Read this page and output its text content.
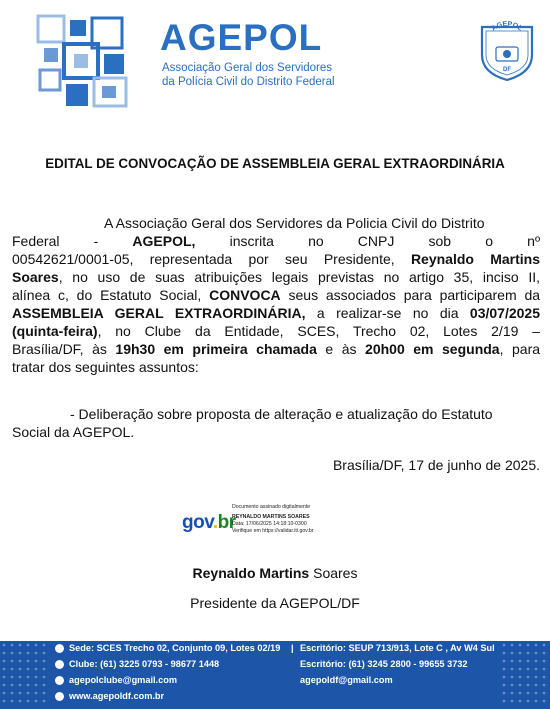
AGEPOL
Associação Geral dos Servidores
da Polícia Civil do Distrito Federal
AGEPOL
DF
EDITAL DE CONVOCAÇÃO DE ASSEMBLEIA GERAL EXTRAORDINÁRIA
A Associação Geral dos Servidores da Policia Civil do Distrito
Federal - AGEPOL, inscrita no CNPJ sob o nº
00542621/0001-05, representada por seu Presidente, Reynaldo Martins
Soares, no uso de suas atribuições legais previstas no artigo 35, inciso II,
alínea c, do Estatuto Social, CONVOCA seus associados para participarem da
ASSEMBLEIA GERAL EXTRAORDINÁRIA, a realizar-se no dia 03/07/2025
(quinta-feira), no Clube da Entidade, SCES, Trecho 02, Lotes 2/19 –
Brasília/DF, às 19h30 em primeira chamada e às 20h00 em segunda, para
tratar dos seguintes assuntos:
- Deliberação sobre proposta de alteração e atualização do Estatuto
Social da AGEPOL.
Brasília/DF, 17 de junho de 2025.
gov.br
Documento assinado digitalmente
REYNALDO MARTINS SOARES
Data: 17/06/2025 14:18:10-0300
Verifique em https://validar.iti.gov.br
Reynaldo Martins Soares
Presidente da AGEPOL/DF
Sede: SCES Trecho 02, Conjunto 09, Lotes 02/19
Clube: (61) 3225 0793 - 98677 1448
agepolclube@gmail.com
www.agepoldf.com.br
| Escritório: SEUP 713/913, Lote C , Av W4 Sul
Escritório: (61) 3245 2800 - 99655 3732
agepoldf@gmail.com
